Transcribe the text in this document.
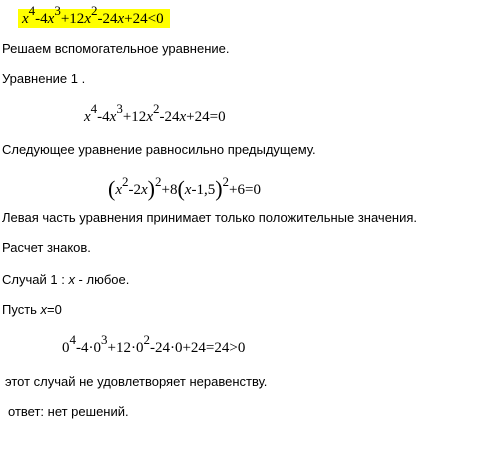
$x^4-4x^3+12x^2-24x+24<0$
Решаем вспомогательное уравнение.
Уравнение 1 .
$x^4-4x^3+12x^2-24x+24=0$
Следующее уравнение равносильно предыдущему.
$(x^2-2x)^2+8(x-1,5)^2+6=0$
Левая часть уравнения принимает только положительные значения.
Расчет знаков.
Случай 1 : x - любое.
Пусть x=0
$0^4-4\cdot 0^3+12\cdot 0^2-24\cdot 0+24=24>0$
этот случай не удовлетворяет неравенству.
ответ: нет решений.
